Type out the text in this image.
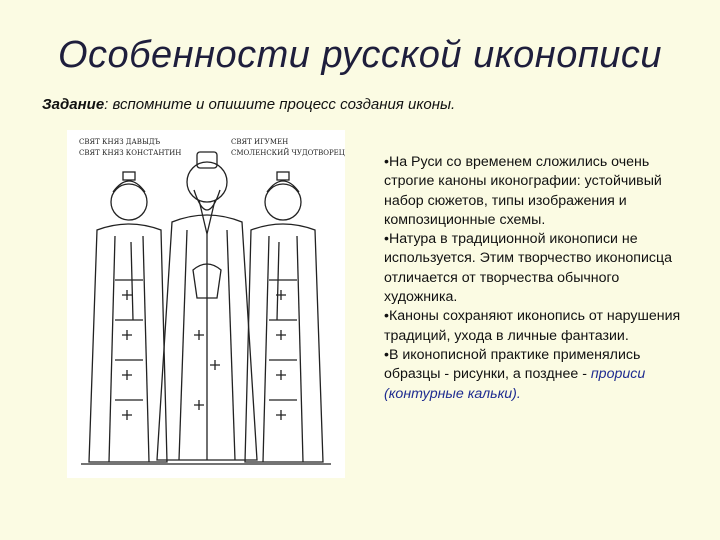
Особенности русской иконописи
Задание: вспомните и опишите процесс создания иконы.
СВЯТ КНЯЗ ДАВЫДЪ
СВЯТ КНЯЗ КОНСТАНТИН
СВЯТ ИГУМЕН
СМОЛЕНСКИЙ ЧУДОТВОРЕЦ

•На Руси со временем сложились очень строгие каноны иконографии: устойчивый набор сюжетов, типы изображения и композиционные схемы.

•Натура в традиционной иконописи не используется. Этим творчество иконописца отличается от творчества обычного художника.

•Каноны сохраняют иконопись от нарушения традиций, ухода в личные фантазии.

•В иконописной практике применялись образцы - рисунки, а позднее - прориси (контурные кальки).
